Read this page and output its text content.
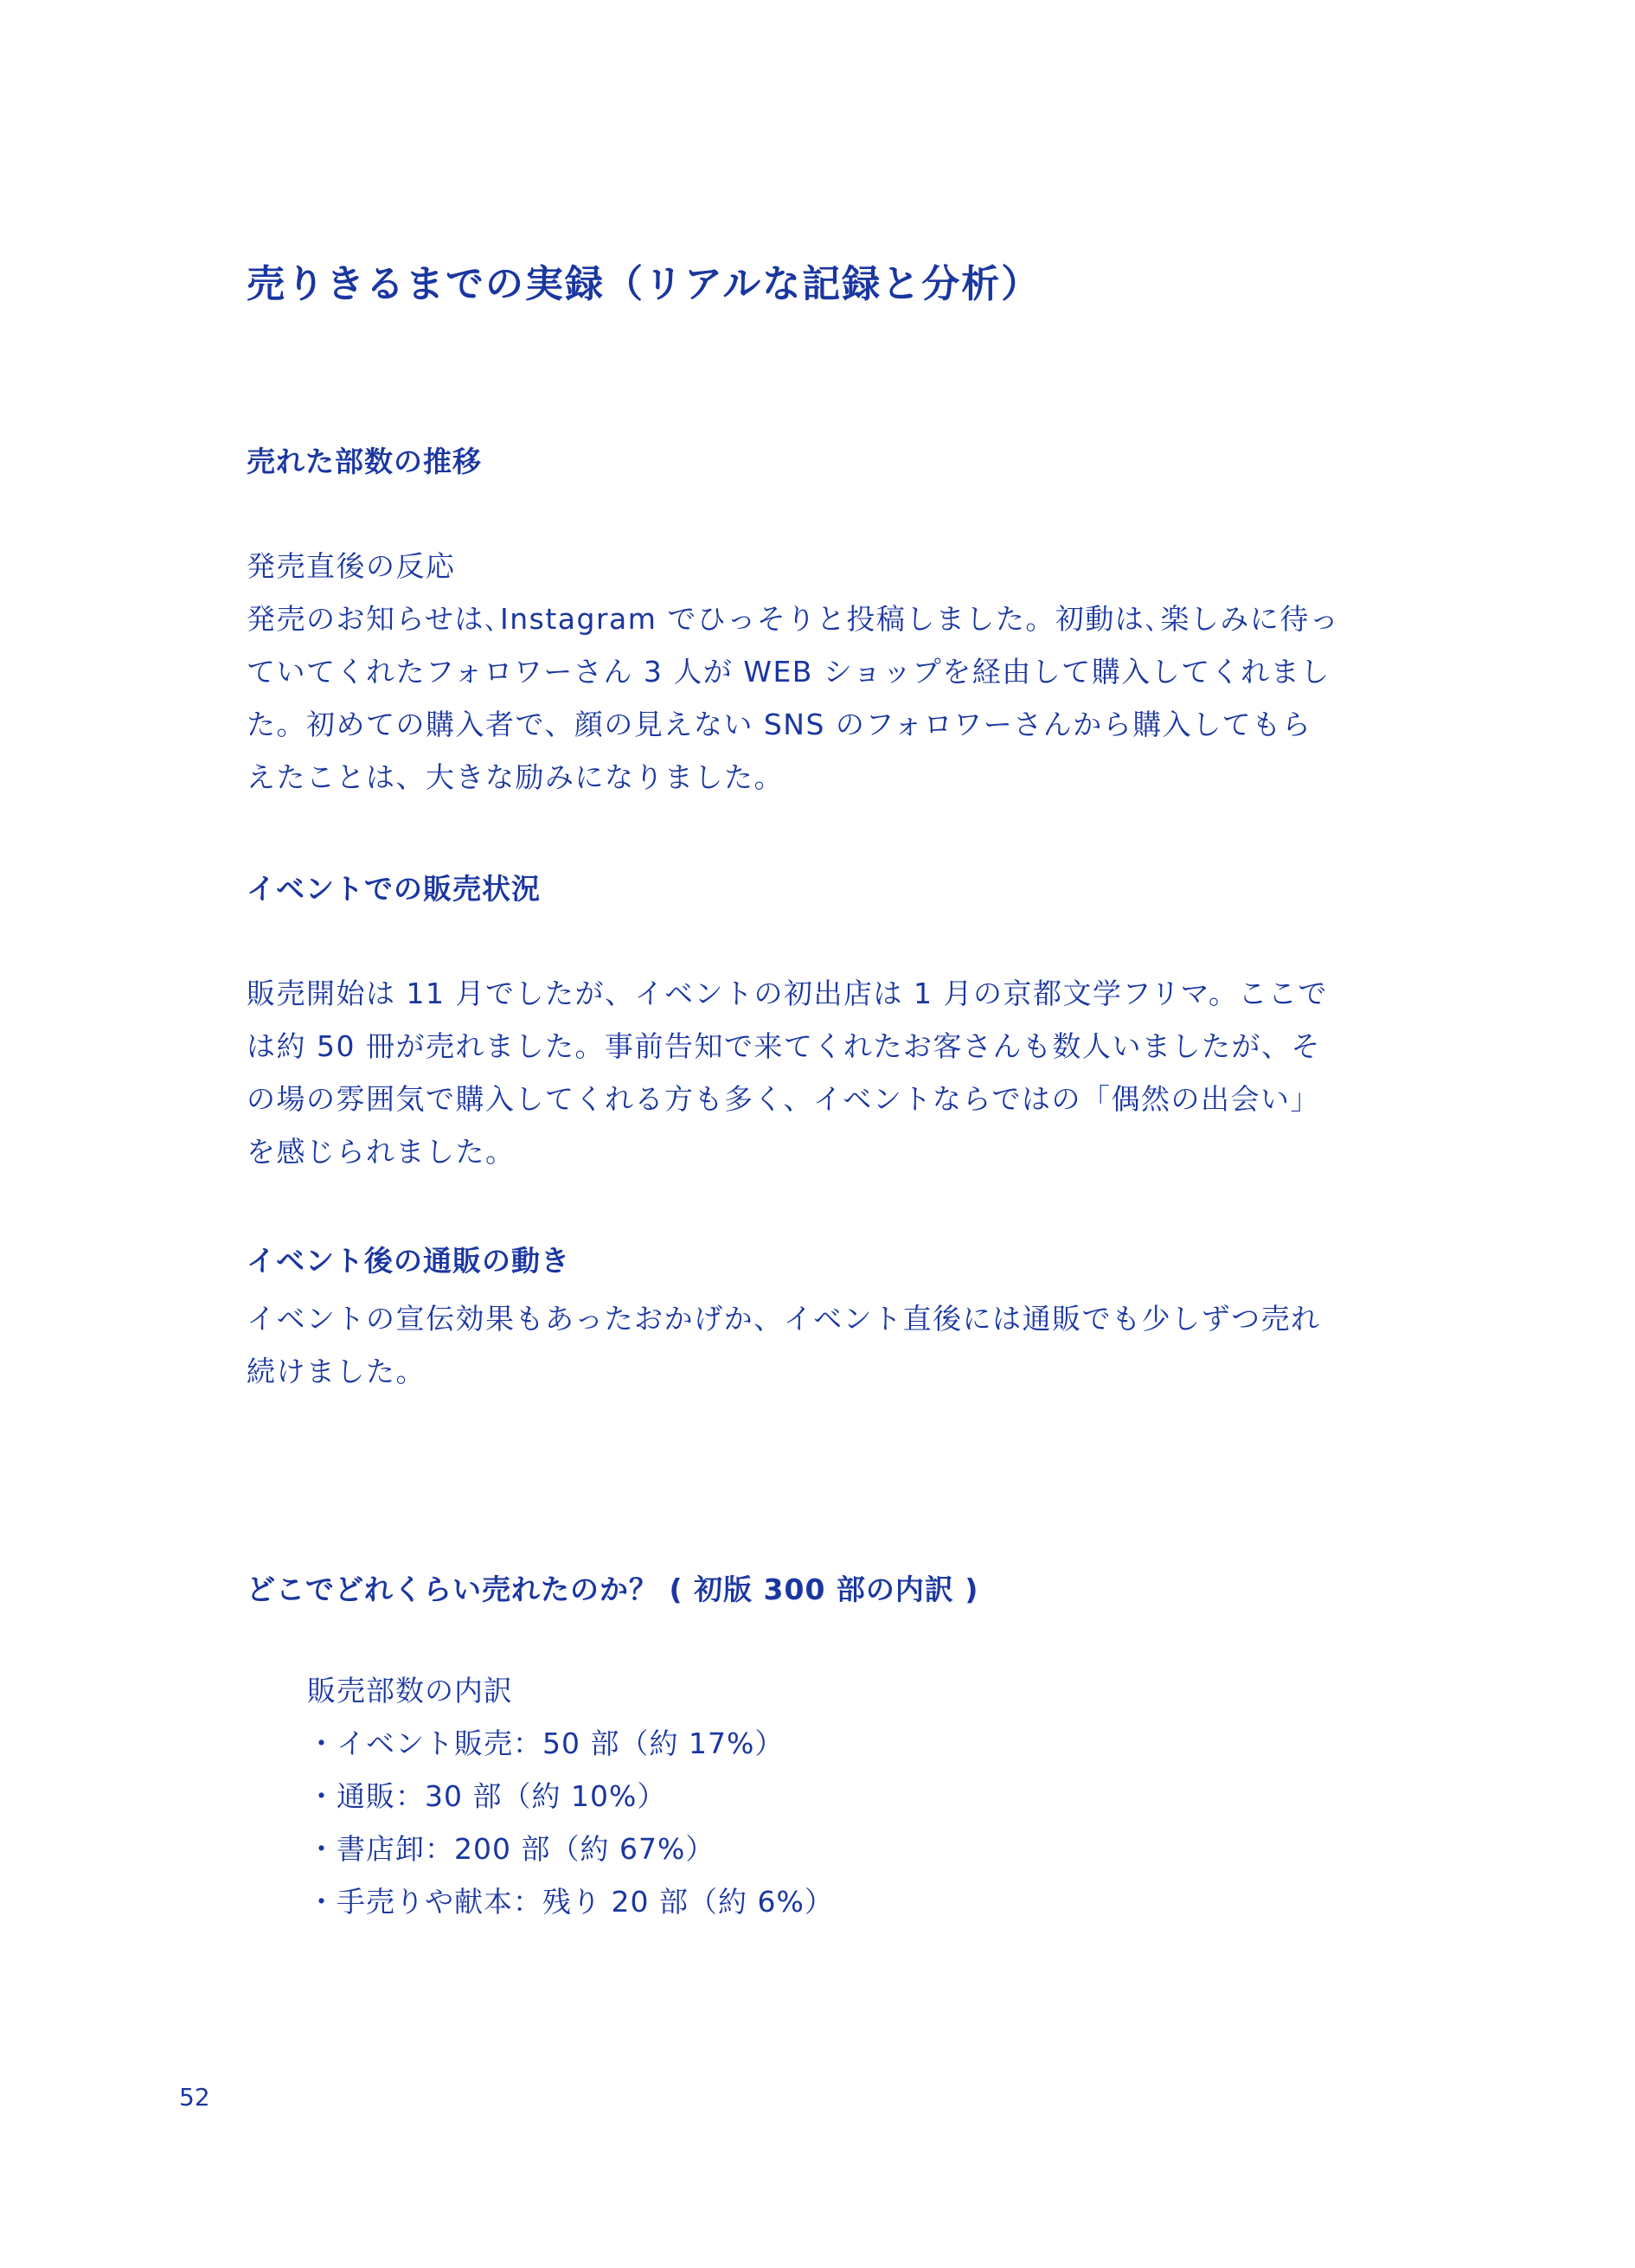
売りきるまでの実録（リアルな記録と分析）
売れた部数の推移
発売直後の反応
発売のお知らせは､Instagram でひっそりと投稿しました。初動は､楽しみに待っ
ていてくれたフォロワーさん 3 人が WEB ショップを経由して購入してくれまし
た。初めての購入者で、顔の見えない SNS のフォロワーさんから購入してもら
えたことは、大きな励みになりました。
イベントでの販売状況
販売開始は 11 月でしたが、イベントの初出店は 1 月の京都文学フリマ。ここで
は約 50 冊が売れました。事前告知で来てくれたお客さんも数人いましたが、そ
の場の雰囲気で購入してくれる方も多く、イベントならではの「偶然の出会い」
を感じられました。
イベント後の通販の動き
イベントの宣伝効果もあったおかげか、イベント直後には通販でも少しずつ売れ
続けました。
どこでどれくらい売れたのか？ ( 初版 300 部の内訳 )
販売部数の内訳
・イベント販売：50 部（約 17%）
・通販：30 部（約 10%）
・書店卸：200 部（約 67%）
・手売りや献本：残り 20 部（約 6%）
52
